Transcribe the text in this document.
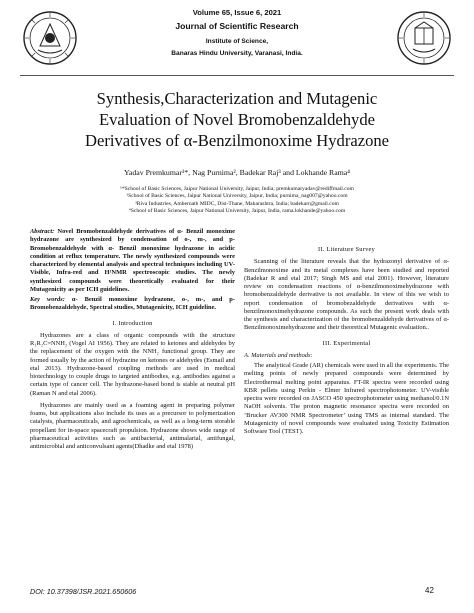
Volume 65, Issue 6, 2021
Journal of Scientific Research
Institute of Science,
Banaras Hindu University, Varanasi, India.
Synthesis,Characterization and Mutagenic
Evaluation of Novel Bromobenzaldehyde
Derivatives of α-Benzilmonoxime Hydrazone
Yadav Premkumar¹*, Nag Purnima², Badekar Raj³ and Lokhande Rama⁴
¹*School of Basic Sciences, Jaipur National University, Jaipur, India; premkumaryadav@rediffmail.com
²School of Basic Sciences, Jaipur National University, Jaipur, India; purnima_nag007@yahoo.com
³Riva Industries, Ambernath MIDC, Dist-Thane, Maharashtra, India; badekarr@gmail.com
⁴School of Basic Sciences, Jaipur National University, Jaipur, India, rama.lokhande@yahoo.com

Abstract: Novel Bromobenzaldehyde derivatives of α- Benzil monoxime hydrazone are synthesized by condensation of o-, m-, and p-Bromobenzaldehyde with α- Benzil monoxime hydrazone in acidic condition at reflux temperature. The newly synthesized compounds were characterized by elemental analysis and spectral techniques including UV-Visible, Infra-red and H¹NMR spectroscopic studies. The newly synthesized compounds were theoretically evaluated for their Mutagenicity as per ICH guidelines.

Key words: α- Benzil monoxime hydrazone, o-, m-, and p-Bromobenzaldehyde, Spectral studies, Mutagenicity, ICH guideline.

I. Introduction

Hydrazones are a class of organic compounds with the structure R₁R₂C=NNH₂ (Vogel AI 1956). They are related to ketones and aldehydes by the replacement of the oxygen with the NNH₂ functional group. They are formed usually by the action of hydrazine on ketones or aldehydes (Esmail and etal 2013). Hydrazone-based coupling methods are used in medical biotechnology to couple drugs to targeted antibodies, e.g. antibodies against a certain type of cancer cell. The hydrazone-based bond is stable at neutral pH (Raman N and etal 2006).

Hydrazones are mainly used as a foaming agent in preparing polymer foams, but applications also include its uses as a precursor to polymerization catalysts, pharmaceuticals, and agrochemicals, as well as a long-term storable propellant for in-space spacecraft propulsion. Hydrazone shows wide range of pharmaceutical activities such as antibacterial, antimalarial, antifungal, antimicrobial and anticonvulsant agents(Dhadke and etal 1978)

II. Literature Survey

Scanning of the literature reveals that the hydrazonyl derivative of α-Benzilmonoxime and its metal complexes have been studied and reported (Badekar R and etal 2017; Singh MS and etal 2001). However, literature review on condensation reactions of α-benzilmonoximehydrazone with bromobenzaldehyde derivative is not available. In view of this we wish to report condensation of bromobezaldehyde derivatives with α-benzilmonoximehydrazone compounds. As such the present work deals with the synthesis and characterization of the bromobenzaldehyde derivatives of α-Benzilmonoximehydrazone and their theoretical Mutagenic evaluation..

III. Experimental
A. Materials and methods:

The analytical Grade (AR) chemicals were used in all the experiments. The melting points of newly prepared compounds were determined by Electrothermal melting point apparatus. FT-IR spectra were recorded using KBR pellets using Perkin - Elmer Infrared spectrophotometer. UV-visible spectra were recorded on JASCO 450 spectrophotometer using methanol/0.1N NaOH solvents. The proton magnetic resonance spectra were recorded on ‘Brucker AV300 NMR Spectrometer’ using TMS as internal standard. The Mutagenicity of novel compounds waw evaluated using Toxicity Estimation Software Tool (TEST).

DOI: 10.37398/JSR.2021.650606	42
